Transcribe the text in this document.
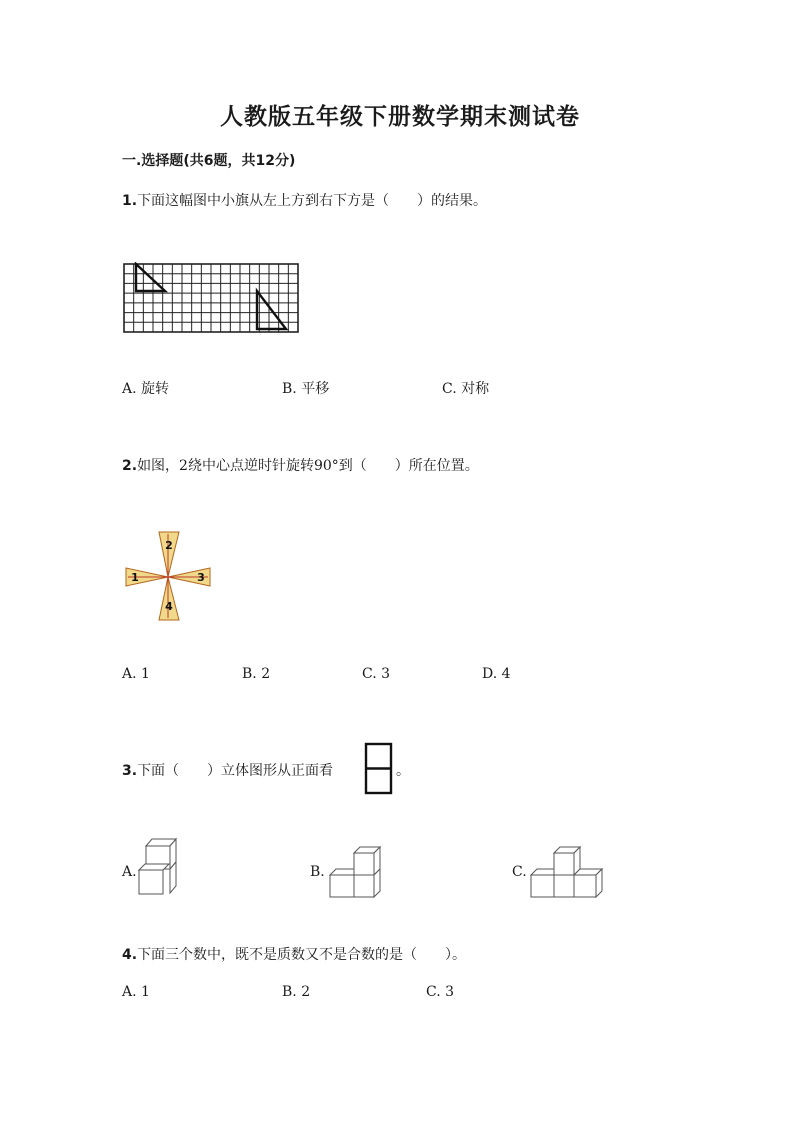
人教版五年级下册数学期末测试卷
一.选择题(共6题，共12分)
1.下面这幅图中小旗从左上方到右下方是（　　）的结果。
A. 旋转	B. 平移	C. 对称
2.如图，2绕中心点逆时针旋转90°到（　　）所在位置。
2
1	3
4
A. 1	B. 2	C. 3	D. 4
3.下面（　　）立体图形从正面看	。
A.	B.	C.
4.下面三个数中，既不是质数又不是合数的是（　　）。
A. 1	B. 2	C. 3
